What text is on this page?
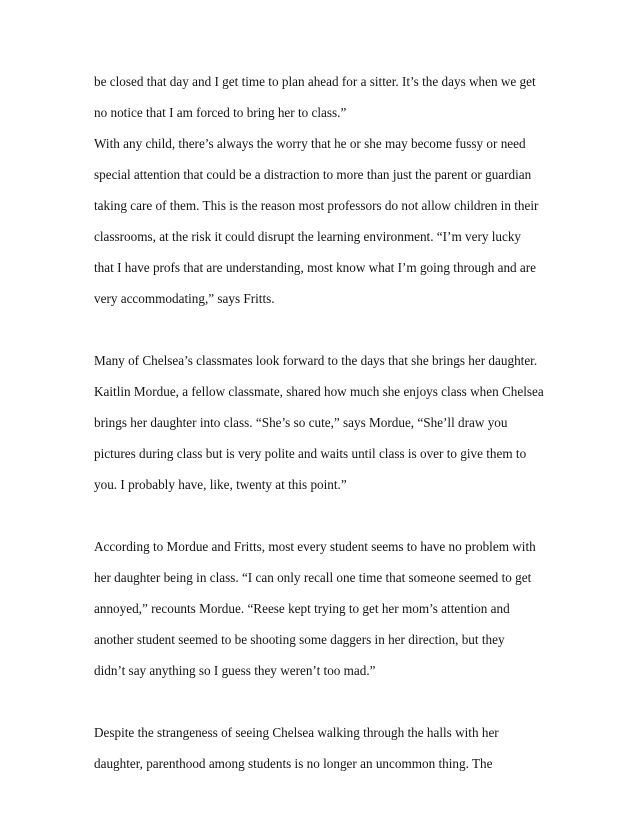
be closed that day and I get time to plan ahead for a sitter. It’s the days when we get
no notice that I am forced to bring her to class.”
With any child, there’s always the worry that he or she may become fussy or need
special attention that could be a distraction to more than just the parent or guardian
taking care of them. This is the reason most professors do not allow children in their
classrooms, at the risk it could disrupt the learning environment. “I’m very lucky
that I have profs that are understanding, most know what I’m going through and are
very accommodating,” says Fritts.
Many of Chelsea’s classmates look forward to the days that she brings her daughter.
Kaitlin Mordue, a fellow classmate, shared how much she enjoys class when Chelsea
brings her daughter into class. “She’s so cute,” says Mordue, “She’ll draw you
pictures during class but is very polite and waits until class is over to give them to
you. I probably have, like, twenty at this point.”
According to Mordue and Fritts, most every student seems to have no problem with
her daughter being in class. “I can only recall one time that someone seemed to get
annoyed,” recounts Mordue. “Reese kept trying to get her mom’s attention and
another student seemed to be shooting some daggers in her direction, but they
didn’t say anything so I guess they weren’t too mad.”
Despite the strangeness of seeing Chelsea walking through the halls with her
daughter, parenthood among students is no longer an uncommon thing. The
